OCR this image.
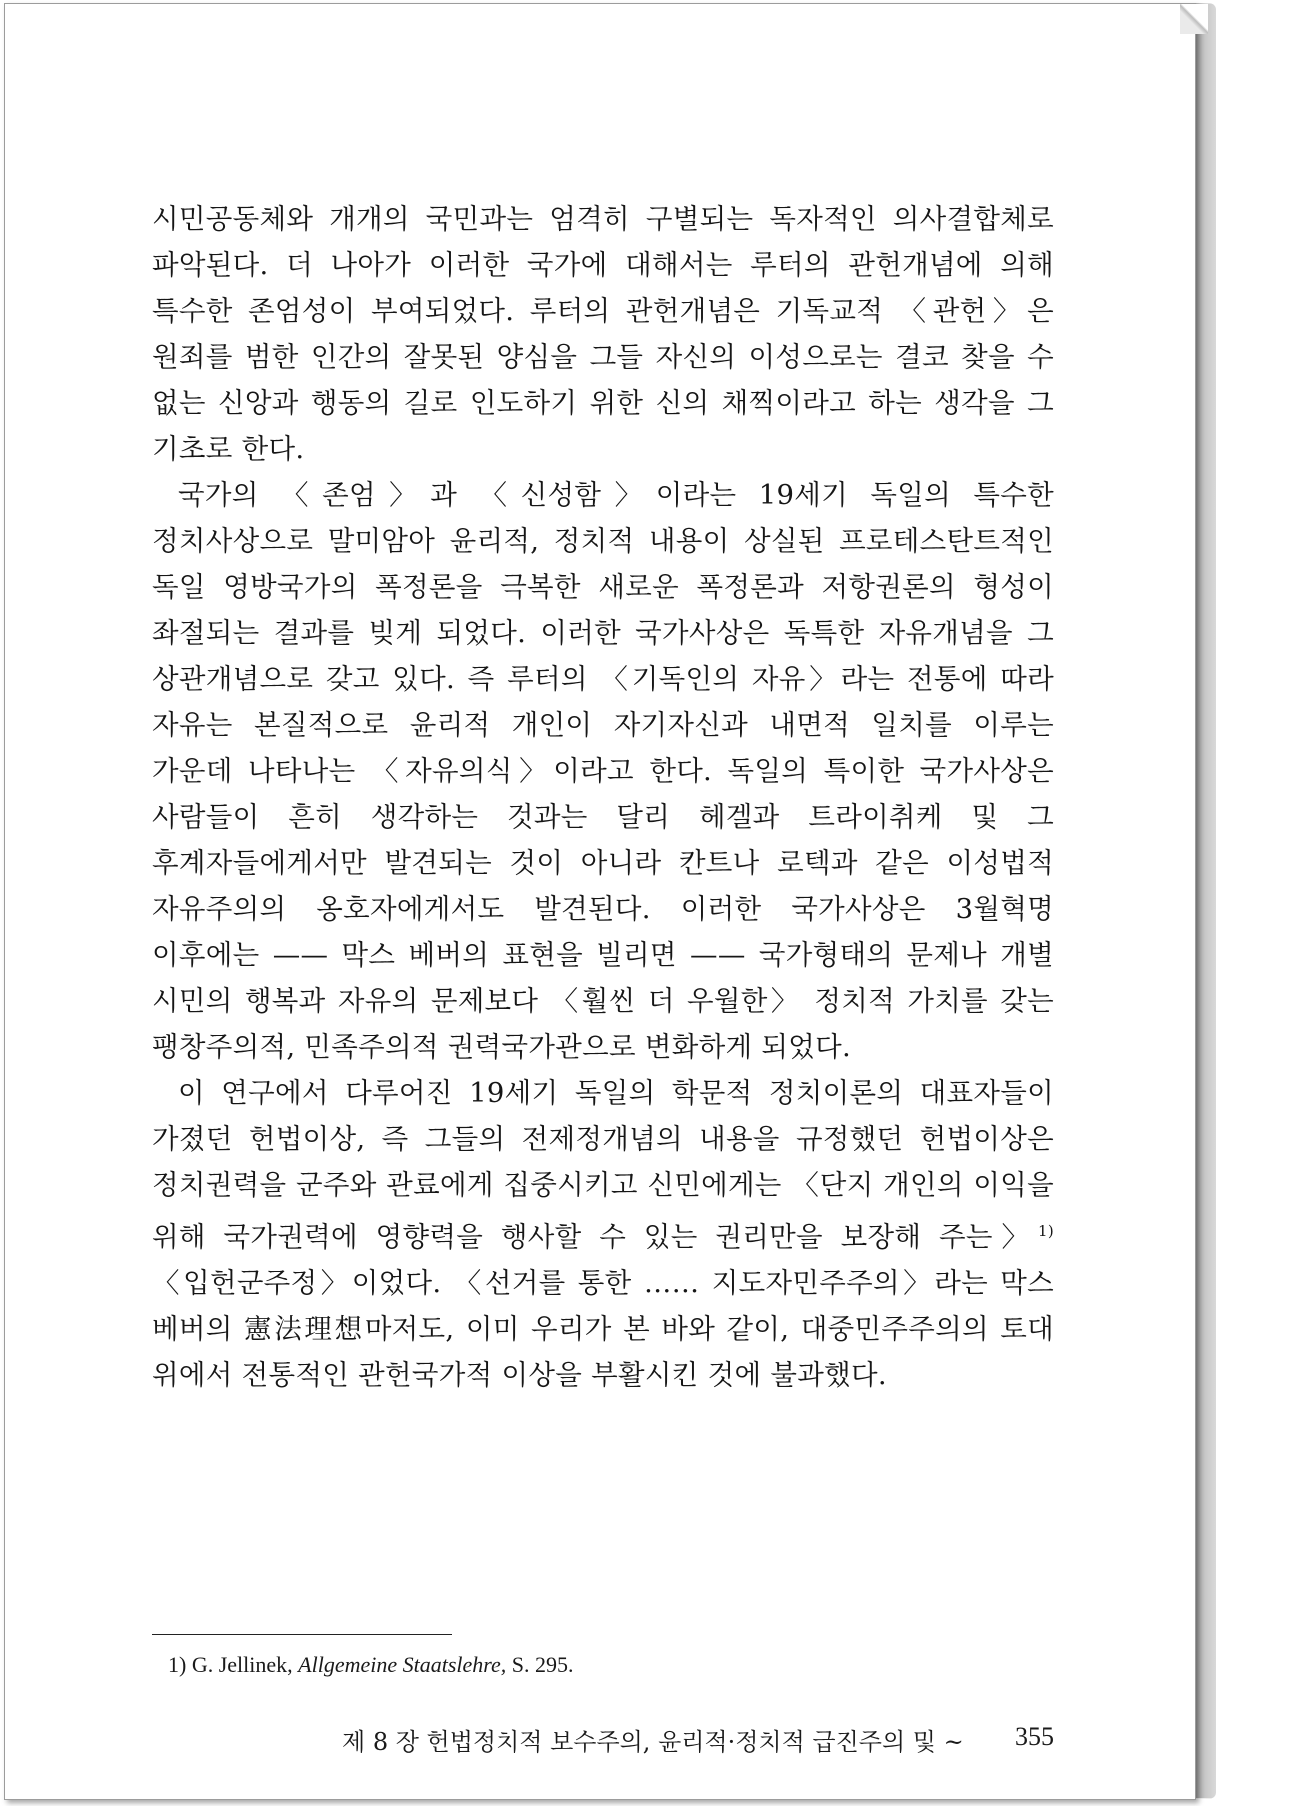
시민공동체와 개개의 국민과는 엄격히 구별되는 독자적인 의사결합체로 파악된다. 더 나아가 이러한 국가에 대해서는 루터의 관헌개념에 의해 특수한 존엄성이 부여되었다. 루터의 관헌개념은 기독교적 〈관헌〉은 원죄를 범한 인간의 잘못된 양심을 그들 자신의 이성으로는 결코 찾을 수 없는 신앙과 행동의 길로 인도하기 위한 신의 채찍이라고 하는 생각을 그 기초로 한다.

국가의 〈존엄〉과 〈신성함〉이라는 19세기 독일의 특수한 정치사상으로 말미암아 윤리적, 정치적 내용이 상실된 프로테스탄트적인 독일 영방국가의 폭정론을 극복한 새로운 폭정론과 저항권론의 형성이 좌절되는 결과를 빚게 되었다. 이러한 국가사상은 독특한 자유개념을 그 상관개념으로 갖고 있다. 즉 루터의 〈기독인의 자유〉라는 전통에 따라 자유는 본질적으로 윤리적 개인이 자기자신과 내면적 일치를 이루는 가운데 나타나는 〈자유의식〉이라고 한다. 독일의 특이한 국가사상은 사람들이 흔히 생각하는 것과는 달리 헤겔과 트라이취케 및 그 후계자들에게서만 발견되는 것이 아니라 칸트나 로텍과 같은 이성법적 자유주의의 옹호자에게서도 발견된다. 이러한 국가사상은 3월혁명 이후에는 —— 막스 베버의 표현을 빌리면 —— 국가형태의 문제나 개별 시민의 행복과 자유의 문제보다 〈훨씬 더 우월한〉 정치적 가치를 갖는 팽창주의적, 민족주의적 권력국가관으로 변화하게 되었다.

이 연구에서 다루어진 19세기 독일의 학문적 정치이론의 대표자들이 가졌던 헌법이상, 즉 그들의 전제정개념의 내용을 규정했던 헌법이상은 정치권력을 군주와 관료에게 집중시키고 신민에게는 〈단지 개인의 이익을 위해 국가권력에 영향력을 행사할 수 있는 권리만을 보장해 주는〉$^{1)}$ 〈입헌군주정〉이었다. 〈선거를 통한 …… 지도자민주주의〉라는 막스 베버의 憲法理想마저도, 이미 우리가 본 바와 같이, 대중민주주의의 토대 위에서 전통적인 관헌국가적 이상을 부활시킨 것에 불과했다.

1) G. Jellinek, Allgemeine Staatslehre, S. 295.
제 8 장 헌법정치적 보수주의, 윤리적·정치적 급진주의 및 ~ 355
